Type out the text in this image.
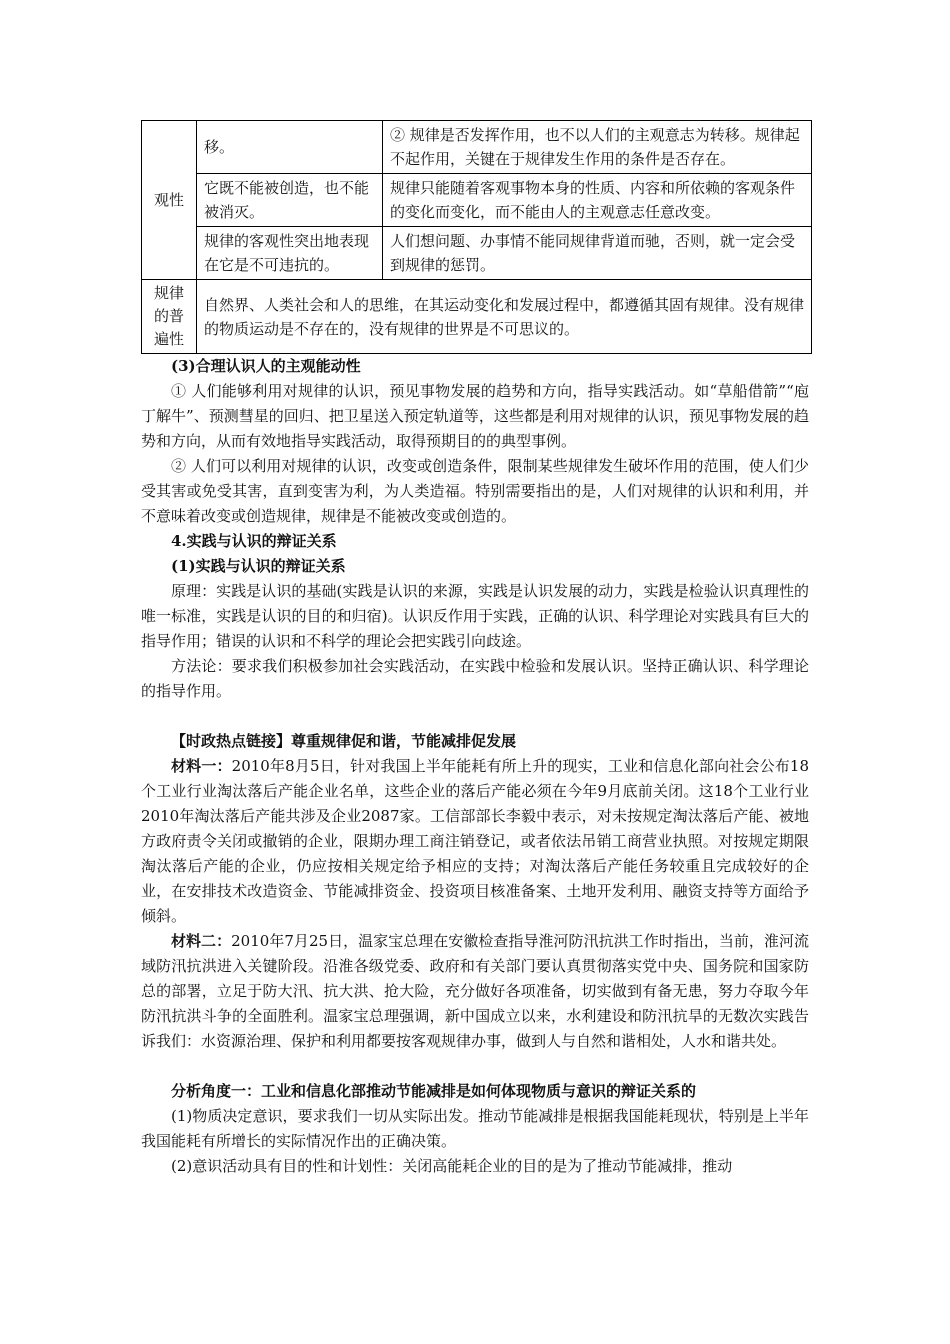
观性	移。	② 规律是否发挥作用，也不以人们的主观意志为转移。规律起不起作用，关键在于规律发生作用的条件是否存在。
	它既不能被创造，也不能被消灭。	规律只能随着客观事物本身的性质、内容和所依赖的客观条件的变化而变化，而不能由人的主观意志任意改变。
	规律的客观性突出地表现在它是不可违抗的。	人们想问题、办事情不能同规律背道而驰，否则，就一定会受到规律的惩罚。
规律的普遍性	自然界、人类社会和人的思维，在其运动变化和发展过程中，都遵循其固有规律。没有规律的物质运动是不存在的，没有规律的世界是不可思议的。	

(3)合理认识人的主观能动性

① 人们能够利用对规律的认识，预见事物发展的趋势和方向，指导实践活动。如“草船借箭”“庖丁解牛”、预测彗星的回归、把卫星送入预定轨道等，这些都是利用对规律的认识，预见事物发展的趋势和方向，从而有效地指导实践活动，取得预期目的的典型事例。

② 人们可以利用对规律的认识，改变或创造条件，限制某些规律发生破坏作用的范围，使人们少受其害或免受其害，直到变害为利，为人类造福。特别需要指出的是，人们对规律的认识和利用，并不意味着改变或创造规律，规律是不能被改变或创造的。

4.实践与认识的辩证关系

(1)实践与认识的辩证关系

原理：实践是认识的基础(实践是认识的来源，实践是认识发展的动力，实践是检验认识真理性的唯一标准，实践是认识的目的和归宿)。认识反作用于实践，正确的认识、科学理论对实践具有巨大的指导作用；错误的认识和不科学的理论会把实践引向歧途。

方法论：要求我们积极参加社会实践活动，在实践中检验和发展认识。坚持正确认识、科学理论的指导作用。

【时政热点链接】尊重规律促和谐，节能减排促发展

材料一：2010年8月5日，针对我国上半年能耗有所上升的现实，工业和信息化部向社会公布18个工业行业淘汰落后产能企业名单，这些企业的落后产能必须在今年9月底前关闭。这18个工业行业2010年淘汰落后产能共涉及企业2087家。工信部部长李毅中表示，对未按规定淘汰落后产能、被地方政府责令关闭或撤销的企业，限期办理工商注销登记，或者依法吊销工商营业执照。对按规定期限淘汰落后产能的企业，仍应按相关规定给予相应的支持；对淘汰落后产能任务较重且完成较好的企业，在安排技术改造资金、节能减排资金、投资项目核准备案、土地开发利用、融资支持等方面给予倾斜。

材料二：2010年7月25日，温家宝总理在安徽检查指导淮河防汛抗洪工作时指出，当前，淮河流域防汛抗洪进入关键阶段。沿淮各级党委、政府和有关部门要认真贯彻落实党中央、国务院和国家防总的部署，立足于防大汛、抗大洪、抢大险，充分做好各项准备，切实做到有备无患，努力夺取今年防汛抗洪斗争的全面胜利。温家宝总理强调，新中国成立以来，水利建设和防汛抗旱的无数次实践告诉我们：水资源治理、保护和利用都要按客观规律办事，做到人与自然和谐相处，人水和谐共处。

分析角度一：工业和信息化部推动节能减排是如何体现物质与意识的辩证关系的

(1)物质决定意识，要求我们一切从实际出发。推动节能减排是根据我国能耗现状，特别是上半年我国能耗有所增长的实际情况作出的正确决策。

(2)意识活动具有目的性和计划性：关闭高能耗企业的目的是为了推动节能减排，推动
